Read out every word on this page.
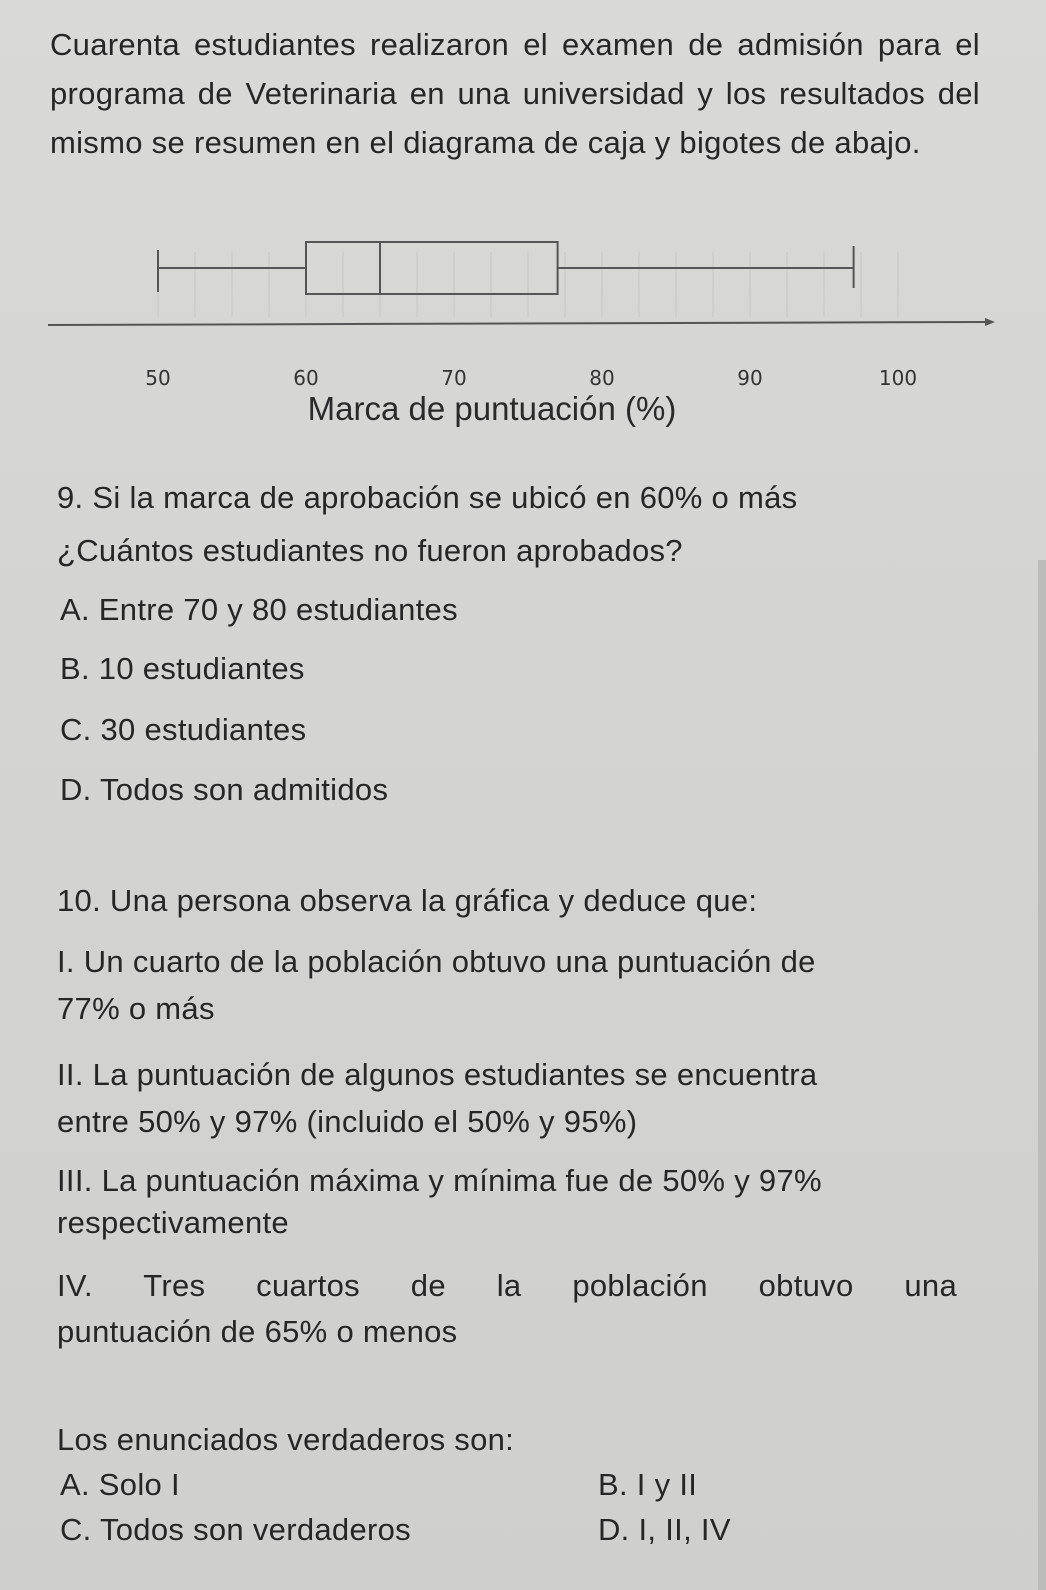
Cuarenta estudiantes realizaron el examen de admisión para el programa de Veterinaria en una universidad y los resultados del mismo se resumen en el diagrama de caja y bigotes de abajo.
50	60	70	80	90	100
Marca de puntuación (%)
9. Si la marca de aprobación se ubicó en 60% o más
¿Cuántos estudiantes no fueron aprobados?
A. Entre 70 y 80 estudiantes
B. 10 estudiantes
C. 30 estudiantes
D. Todos son admitidos
10. Una persona observa la gráfica y deduce que:
I. Un cuarto de la población obtuvo una puntuación de
77% o más
II. La puntuación de algunos estudiantes se encuentra
entre 50% y 97% (incluido el 50% y 95%)
III. La puntuación máxima y mínima fue de 50% y 97%
respectivamente
IV. Tres cuartos de la población obtuvo una
puntuación de 65% o menos
Los enunciados verdaderos son:
A. Solo I	B. I y II
C. Todos son verdaderos	D. I, II, IV
